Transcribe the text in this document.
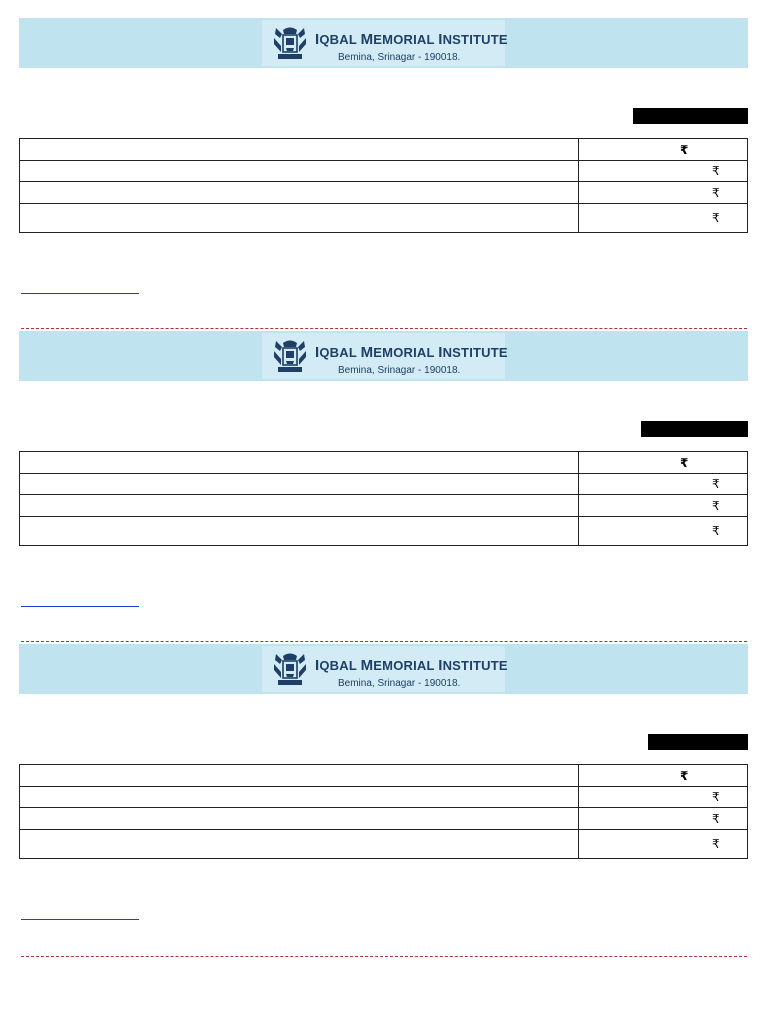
IQBAL MEMORIAL INSTITUTE
Bemina, Srinagar - 190018.
₹
₹
₹
₹
IQBAL MEMORIAL INSTITUTE
Bemina, Srinagar - 190018.
₹
₹
₹
₹
IQBAL MEMORIAL INSTITUTE
Bemina, Srinagar - 190018.
₹
₹
₹
₹
